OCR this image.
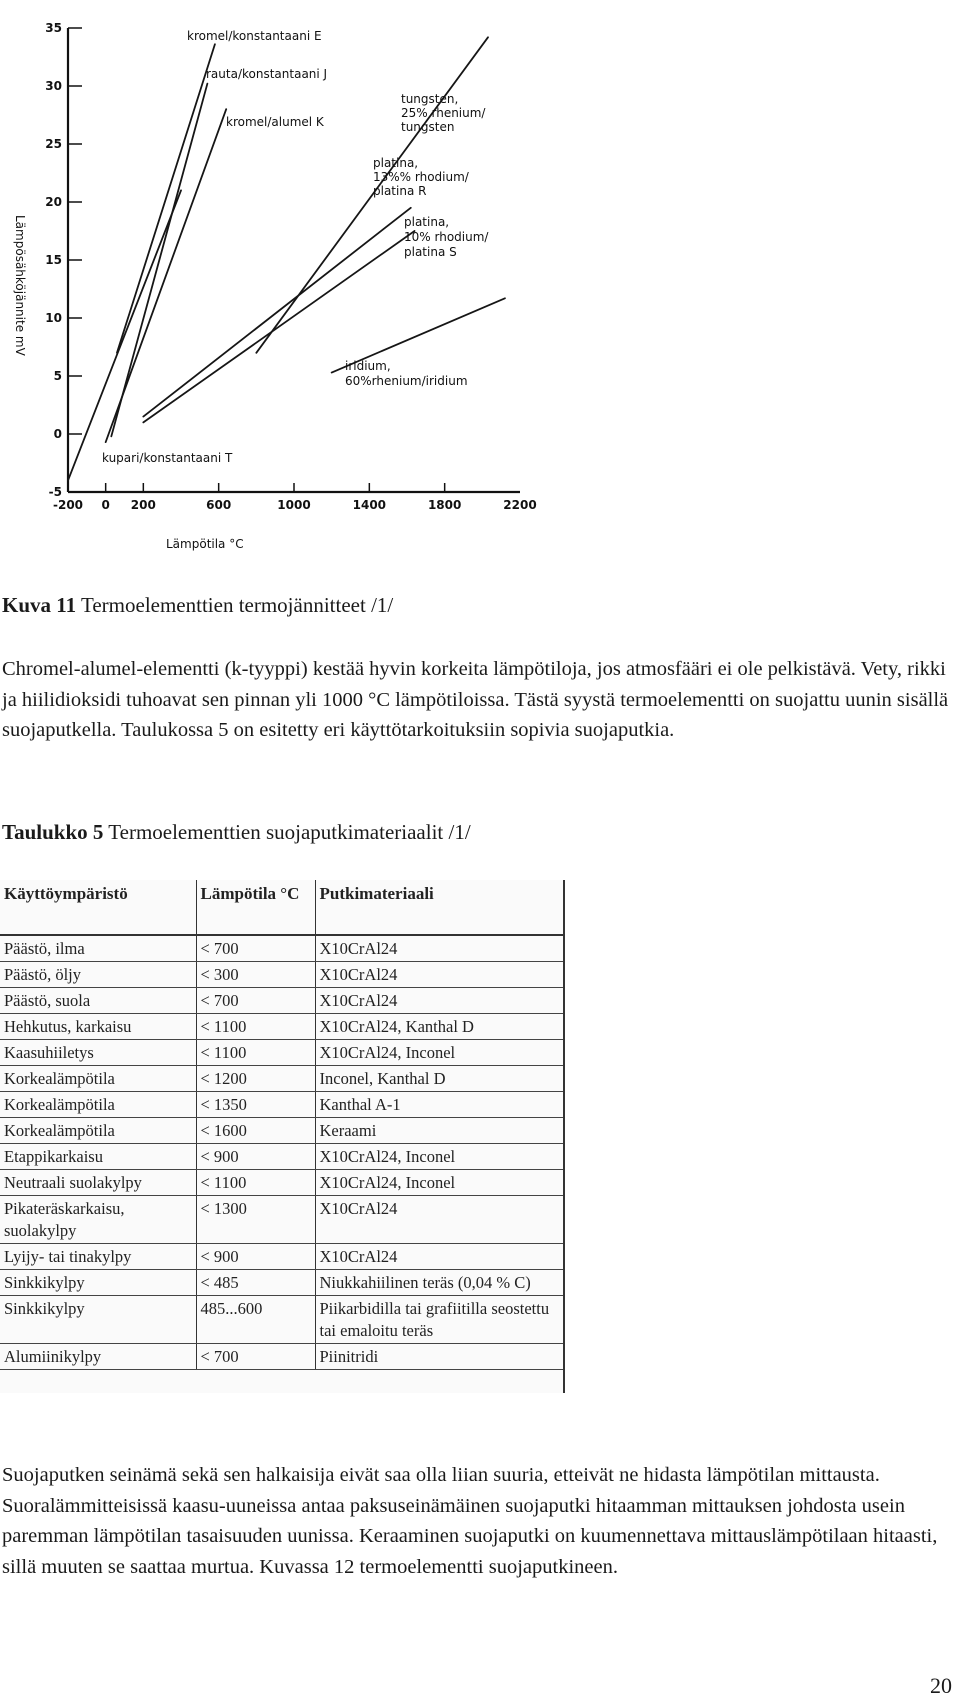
35
30
25
20
15
10
5
0
-5
-200 0 200	600	1000	1400	1800	2200
kromel/konstantaani E
rauta/konstantaani J
kromel/alumel K
kupari/konstantaani T
tungsten, 25% rhenium/ tungsten
platina, 13%% rhodium/ platina R
platina, 10% rhodium/ platina S
iridium, 60%rhenium/iridium
Lämpötila °C
Lämpösähköjännite mV
Kuva 11 Termoelementtien termojännitteet /1/

Chromel-alumel-elementti (k-tyyppi) kestää hyvin korkeita lämpötiloja, jos atmosfääri ei ole pelkistävä. Vety, rikki ja hiilidioksidi tuhoavat sen pinnan yli 1000 °C lämpötiloissa. Tästä syystä termoelementti on suojattu uunin sisällä suojaputkella. Taulukossa 5 on esitetty eri käyttötarkoituksiin sopivia suojaputkia.

Taulukko 5 Termoelementtien suojaputkimateriaalit /1/
Käyttöympäristö	Lämpötila °C	Putkimateriaali
Päästö, ilma	< 700	X10CrAl24
Päästö, öljy	< 300	X10CrAl24
Päästö, suola	< 700	X10CrAl24
Hehkutus, karkaisu	< 1100	X10CrAl24, Kanthal D
Kaasuhiiletys	< 1100	X10CrAl24, Inconel
Korkealämpötila	< 1200	Inconel, Kanthal D
Korkealämpötila	< 1350	Kanthal A-1
Korkealämpötila	< 1600	Keraami
Etappikarkaisu	< 900	X10CrAl24, Inconel
Neutraali suolakylpy	< 1100	X10CrAl24, Inconel
Pikateräskarkaisu, suolakylpy	< 1300	X10CrAl24
Lyijy- tai tinakylpy	< 900	X10CrAl24
Sinkkikylpy	< 485	Niukkahiilinen teräs (0,04 % C)
Sinkkikylpy	485...600	Piikarbidilla tai grafiitilla seostettu tai emaloitu teräs
Alumiinikylpy	< 700	Piinitridi

Suojaputken seinämä sekä sen halkaisija eivät saa olla liian suuria, etteivät ne hidasta lämpötilan mittausta. Suoralämmitteisissä kaasu-uuneissa antaa paksuseinämäinen suojaputki hitaamman mittauksen johdosta usein paremman lämpötilan tasaisuuden uunissa. Keraaminen suojaputki on kuumennettava mittauslämpötilaan hitaasti, sillä muuten se saattaa murtua. Kuvassa 12 termoelementti suojaputkineen.

20
